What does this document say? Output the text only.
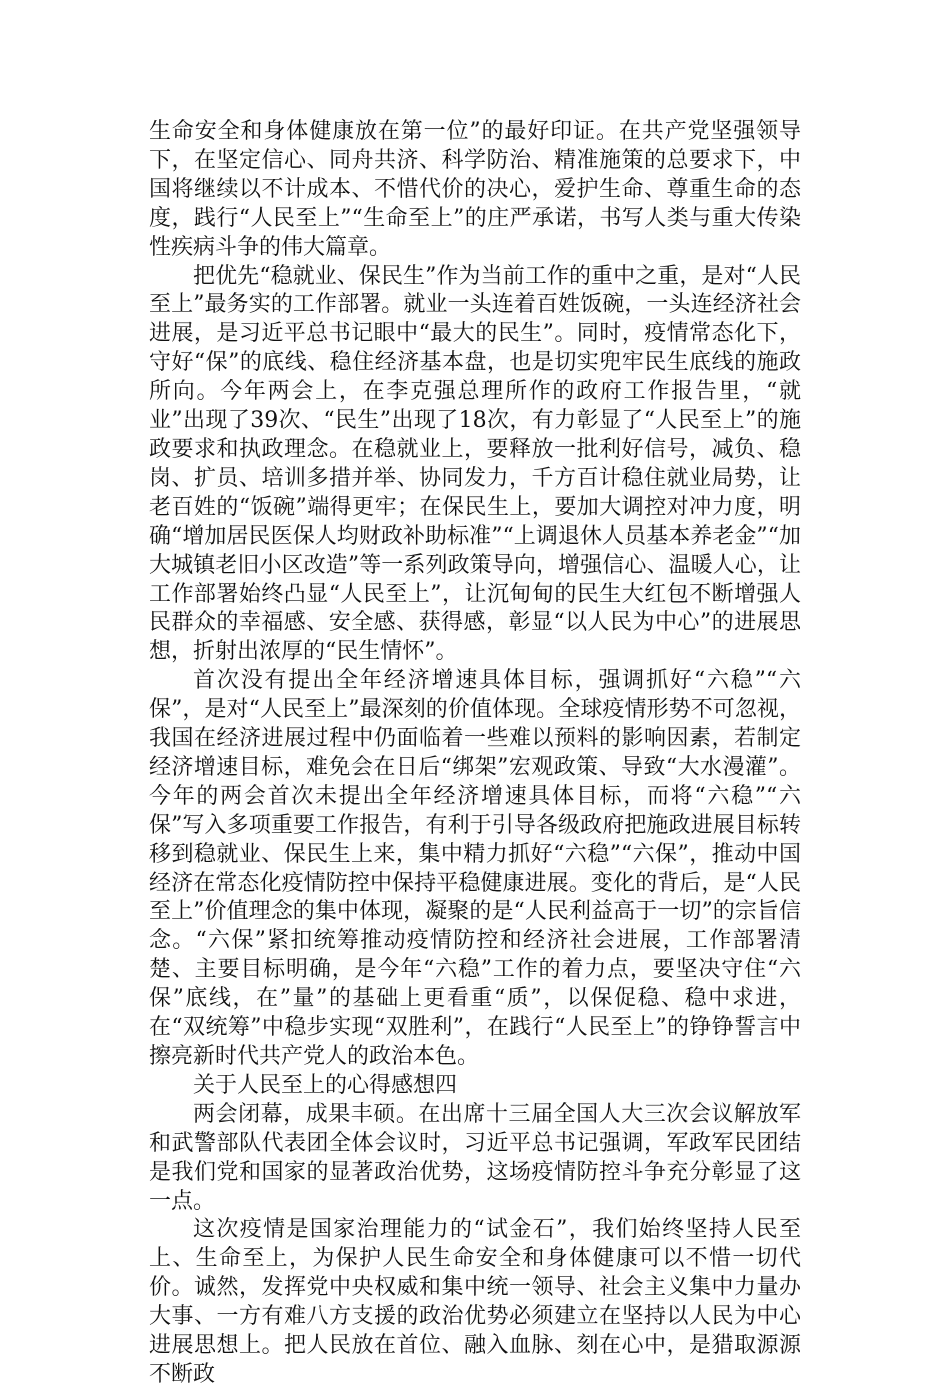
生命安全和身体健康放在第一位”的最好印证。在共产党坚强领导下，在坚定信心、同舟共济、科学防治、精准施策的总要求下，中国将继续以不计成本、不惜代价的决心，爱护生命、尊重生命的态度，践行“人民至上”“生命至上”的庄严承诺，书写人类与重大传染性疾病斗争的伟大篇章。

把优先“稳就业、保民生”作为当前工作的重中之重，是对“人民至上”最务实的工作部署。就业一头连着百姓饭碗，一头连经济社会进展，是习近平总书记眼中“最大的民生”。同时，疫情常态化下，守好“保”的底线、稳住经济基本盘，也是切实兜牢民生底线的施政所向。今年两会上，在李克强总理所作的政府工作报告里，“就业”出现了39次、“民生”出现了18次，有力彰显了“人民至上”的施政要求和执政理念。在稳就业上，要释放一批利好信号，减负、稳岗、扩员、培训多措并举、协同发力，千方百计稳住就业局势，让老百姓的“饭碗”端得更牢；在保民生上，要加大调控对冲力度，明确“增加居民医保人均财政补助标准”“上调退休人员基本养老金”“加大城镇老旧小区改造”等一系列政策导向，增强信心、温暖人心，让工作部署始终凸显“人民至上”，让沉甸甸的民生大红包不断增强人民群众的幸福感、安全感、获得感，彰显“以人民为中心”的进展思想，折射出浓厚的“民生情怀”。

首次没有提出全年经济增速具体目标，强调抓好“六稳”“六保”，是对“人民至上”最深刻的价值体现。全球疫情形势不可忽视，我国在经济进展过程中仍面临着一些难以预料的影响因素，若制定经济增速目标，难免会在日后“绑架”宏观政策、导致“大水漫灌”。今年的两会首次未提出全年经济增速具体目标，而将“六稳”“六保”写入多项重要工作报告，有利于引导各级政府把施政进展目标转移到稳就业、保民生上来，集中精力抓好“六稳”“六保”，推动中国经济在常态化疫情防控中保持平稳健康进展。变化的背后，是“人民至上”价值理念的集中体现，凝聚的是“人民利益高于一切”的宗旨信念。“六保”紧扣统筹推动疫情防控和经济社会进展，工作部署清楚、主要目标明确，是今年“六稳”工作的着力点，要坚决守住“六保”底线，在”量”的基础上更看重“质”，以保促稳、稳中求进，在“双统筹”中稳步实现“双胜利”，在践行“人民至上”的铮铮誓言中擦亮新时代共产党人的政治本色。

关于人民至上的心得感想四

两会闭幕，成果丰硕。在出席十三届全国人大三次会议解放军和武警部队代表团全体会议时，习近平总书记强调，军政军民团结是我们党和国家的显著政治优势，这场疫情防控斗争充分彰显了这一点。

这次疫情是国家治理能力的“试金石”，我们始终坚持人民至上、生命至上，为保护人民生命安全和身体健康可以不惜一切代价。诚然，发挥党中央权威和集中统一领导、社会主义集中力量办大事、一方有难八方支援的政治优势必须建立在坚持以人民为中心进展思想上。把人民放在首位、融入血脉、刻在心中，是猎取源源不断政
